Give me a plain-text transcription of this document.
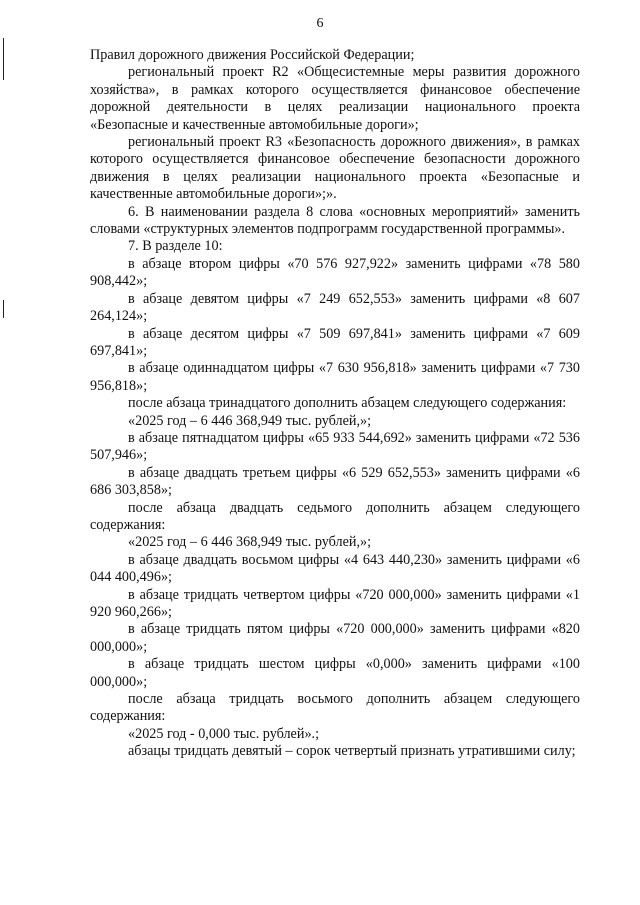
6

Правил дорожного движения Российской Федерации;

региональный проект R2 «Общесистемные меры развития дорожного хозяйства», в рамках которого осуществляется финансовое обеспечение дорожной деятельности в целях реализации национального проекта «Безопасные и качественные автомобильные дороги»;

региональный проект R3 «Безопасность дорожного движения», в рамках которого осуществляется финансовое обеспечение безопасности дорожного движения в целях реализации национального проекта «Безопасные и качественные автомобильные дороги»;».

6. В наименовании раздела 8 слова «основных мероприятий» заменить словами «структурных элементов подпрограмм государственной программы».

7. В разделе 10:

в абзаце втором цифры «70 576 927,922» заменить цифрами «78 580 908,442»;

в абзаце девятом цифры «7 249 652,553» заменить цифрами «8 607 264,124»;

в абзаце десятом цифры «7 509 697,841» заменить цифрами «7 609 697,841»;

в абзаце одиннадцатом цифры «7 630 956,818» заменить цифрами «7 730 956,818»;

после абзаца тринадцатого дополнить абзацем следующего содержания:

«2025 год – 6 446 368,949 тыс. рублей,»;

в абзаце пятнадцатом цифры «65 933 544,692» заменить цифрами «72 536 507,946»;

в абзаце двадцать третьем цифры «6 529 652,553» заменить цифрами «6 686 303,858»;

после абзаца двадцать седьмого дополнить абзацем следующего содержания:

«2025 год – 6 446 368,949 тыс. рублей,»;

в абзаце двадцать восьмом цифры «4 643 440,230» заменить цифрами «6 044 400,496»;

в абзаце тридцать четвертом цифры «720 000,000» заменить цифрами «1 920 960,266»;

в абзаце тридцать пятом цифры «720 000,000» заменить цифрами «820 000,000»;

в абзаце тридцать шестом цифры «0,000» заменить цифрами «100 000,000»;

после абзаца тридцать восьмого дополнить абзацем следующего содержания:

«2025 год - 0,000 тыс. рублей».;

абзацы тридцать девятый – сорок четвертый признать утратившими силу;
